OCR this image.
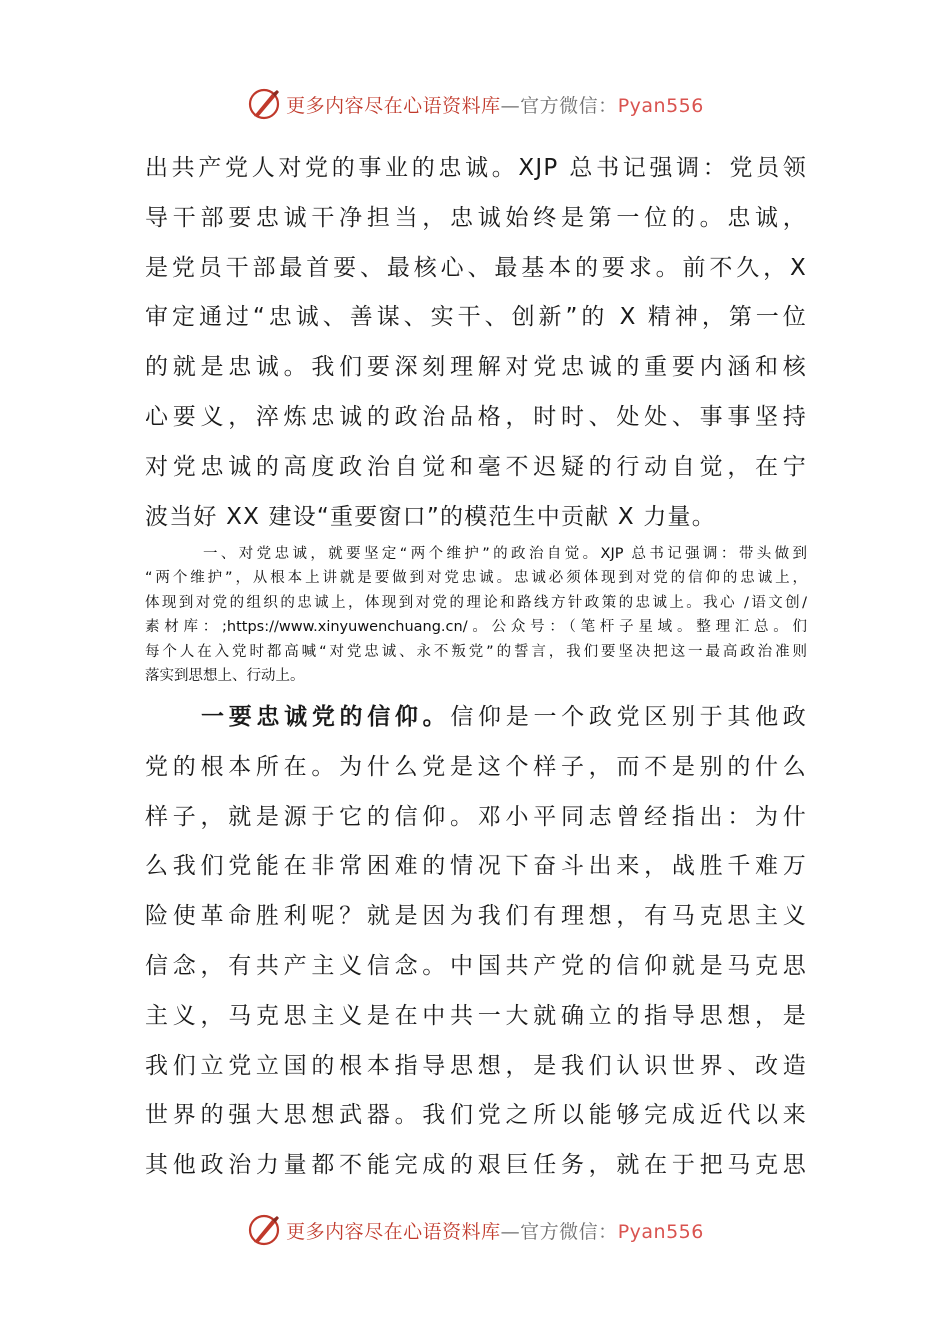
更多内容尽在心语资料库—官方微信：Pyan556
出共产党人对党的事业的忠诚。XJP 总书记强调：党员领
导干部要忠诚干净担当，忠诚始终是第一位的。忠诚，
是党员干部最首要、最核心、最基本的要求。前不久，X
审定通过“忠诚、善谋、实干、创新”的 X 精神，第一位
的就是忠诚。我们要深刻理解对党忠诚的重要内涵和核
心要义，淬炼忠诚的政治品格，时时、处处、事事坚持
对党忠诚的高度政治自觉和毫不迟疑的行动自觉，在宁
波当好 XX 建设“重要窗口”的模范生中贡献 X 力量。
一、对党忠诚，就要坚定“两个维护”的政治自觉。XJP 总书记强调：带头做到
“两个维护”，从根本上讲就是要做到对党忠诚。忠诚必须体现到对党的信仰的忠诚上，
体现到对党的组织的忠诚上，体现到对党的理论和路线方针政策的忠诚上。我心 /语文创/
素材库：;https://www.xinyuwenchuang.cn/。公众号：（笔杆子星域。整理汇总。们
每个人在入党时都高喊“对党忠诚、永不叛党”的誓言，我们要坚决把这一最高政治准则
落实到思想上、行动上。
一要忠诚党的信仰。信仰是一个政党区别于其他政
党的根本所在。为什么党是这个样子，而不是别的什么
样子，就是源于它的信仰。邓小平同志曾经指出：为什
么我们党能在非常困难的情况下奋斗出来，战胜千难万
险使革命胜利呢？就是因为我们有理想，有马克思主义
信念，有共产主义信念。中国共产党的信仰就是马克思
主义，马克思主义是在中共一大就确立的指导思想，是
我们立党立国的根本指导思想，是我们认识世界、改造
世界的强大思想武器。我们党之所以能够完成近代以来
其他政治力量都不能完成的艰巨任务，就在于把马克思
更多内容尽在心语资料库—官方微信：Pyan556
